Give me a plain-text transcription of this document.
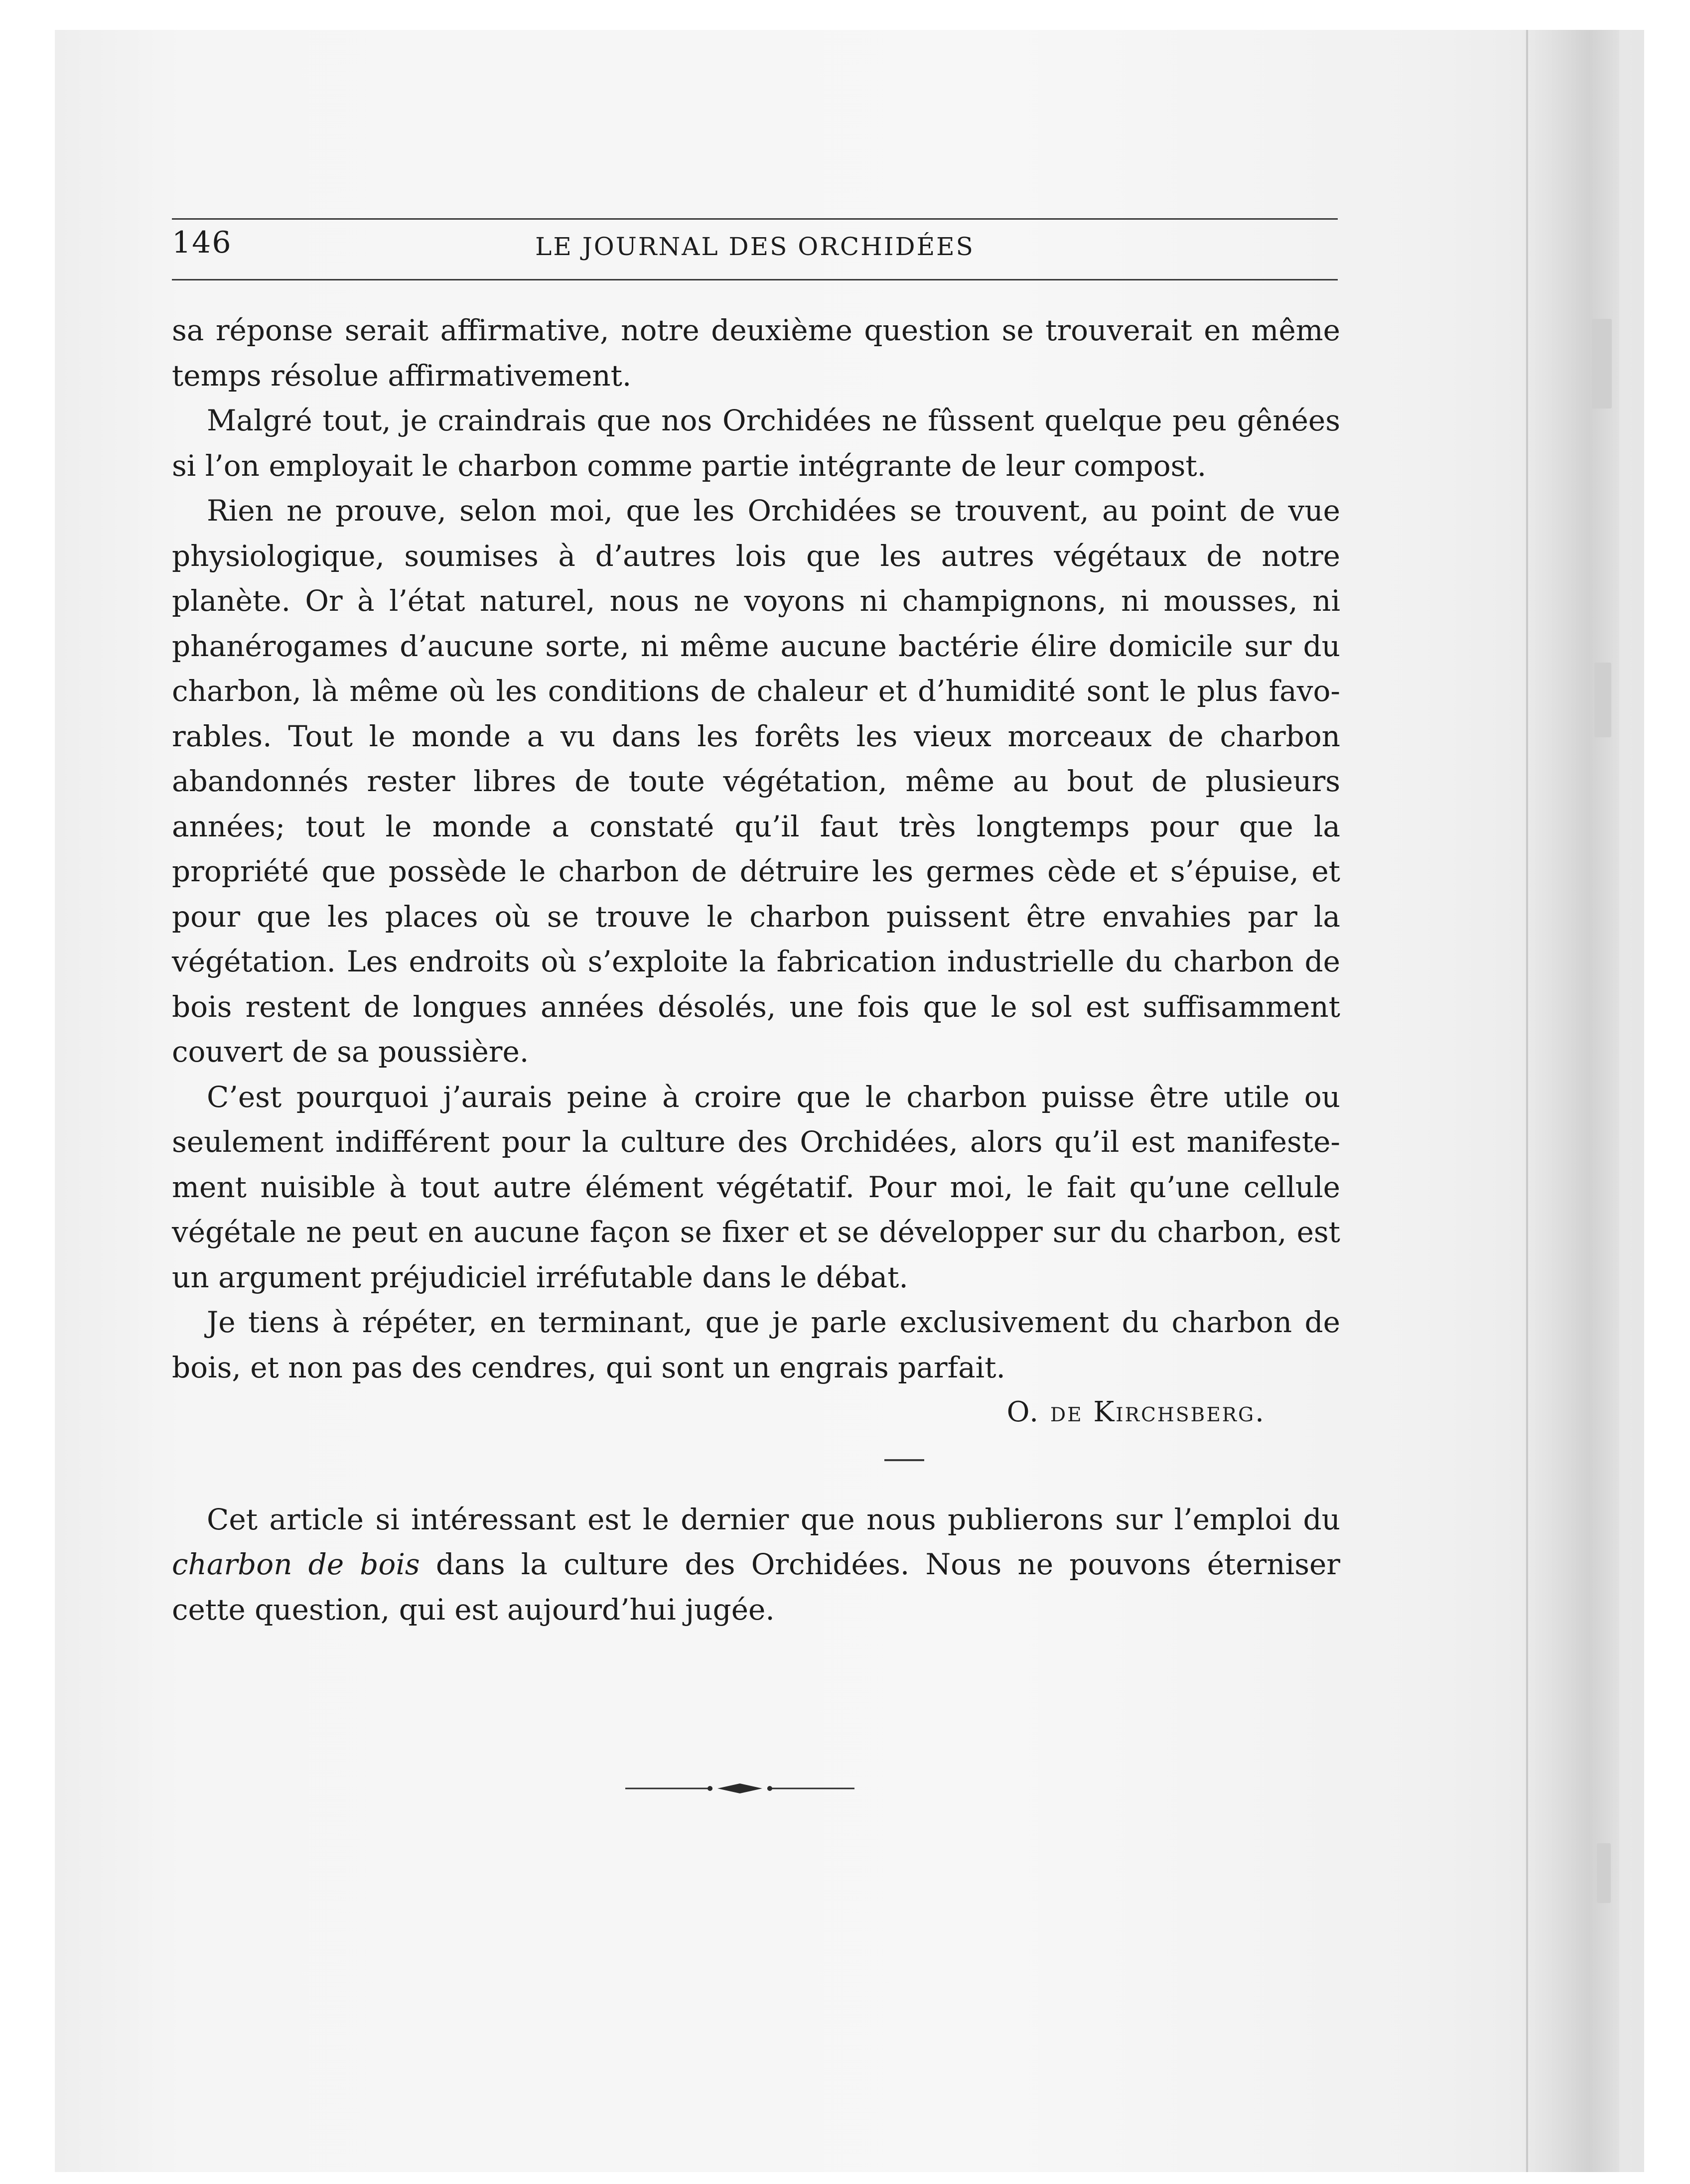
146	LE JOURNAL DES ORCHIDÉES

sa réponse serait affirmative, notre deuxième question se trouverait en même temps résolue affirmativement.

Malgré tout, je craindrais que nos Orchidées ne fûssent quelque peu gênées si l’on employait le charbon comme partie intégrante de leur compost.

Rien ne prouve, selon moi, que les Orchidées se trouvent, au point de vue physiologique, soumises à d’autres lois que les autres végétaux de notre planète. Or à l’état naturel, nous ne voyons ni champignons, ni mousses, ni phanérogames d’aucune sorte, ni même aucune bactérie élire domicile sur du charbon, là même où les conditions de chaleur et d’humidité sont le plus favo-rables. Tout le monde a vu dans les forêts les vieux morceaux de charbon abandonnés rester libres de toute végétation, même au bout de plusieurs années; tout le monde a constaté qu’il faut très longtemps pour que la propriété que possède le charbon de détruire les germes cède et s’épuise, et pour que les places où se trouve le charbon puissent être envahies par la végétation. Les endroits où s’exploite la fabrication industrielle du charbon de bois restent de longues années désolés, une fois que le sol est suffisamment couvert de sa poussière.

C’est pourquoi j’aurais peine à croire que le charbon puisse être utile ou seulement indifférent pour la culture des Orchidées, alors qu’il est manifeste-ment nuisible à tout autre élément végétatif. Pour moi, le fait qu’une cellule végétale ne peut en aucune façon se fixer et se développer sur du charbon, est un argument préjudiciel irréfutable dans le débat.

Je tiens à répéter, en terminant, que je parle exclusivement du charbon de bois, et non pas des cendres, qui sont un engrais parfait.

O. de Kirchsberg.

Cet article si intéressant est le dernier que nous publierons sur l’emploi du charbon de bois dans la culture des Orchidées. Nous ne pouvons éterniser cette question, qui est aujourd’hui jugée.
